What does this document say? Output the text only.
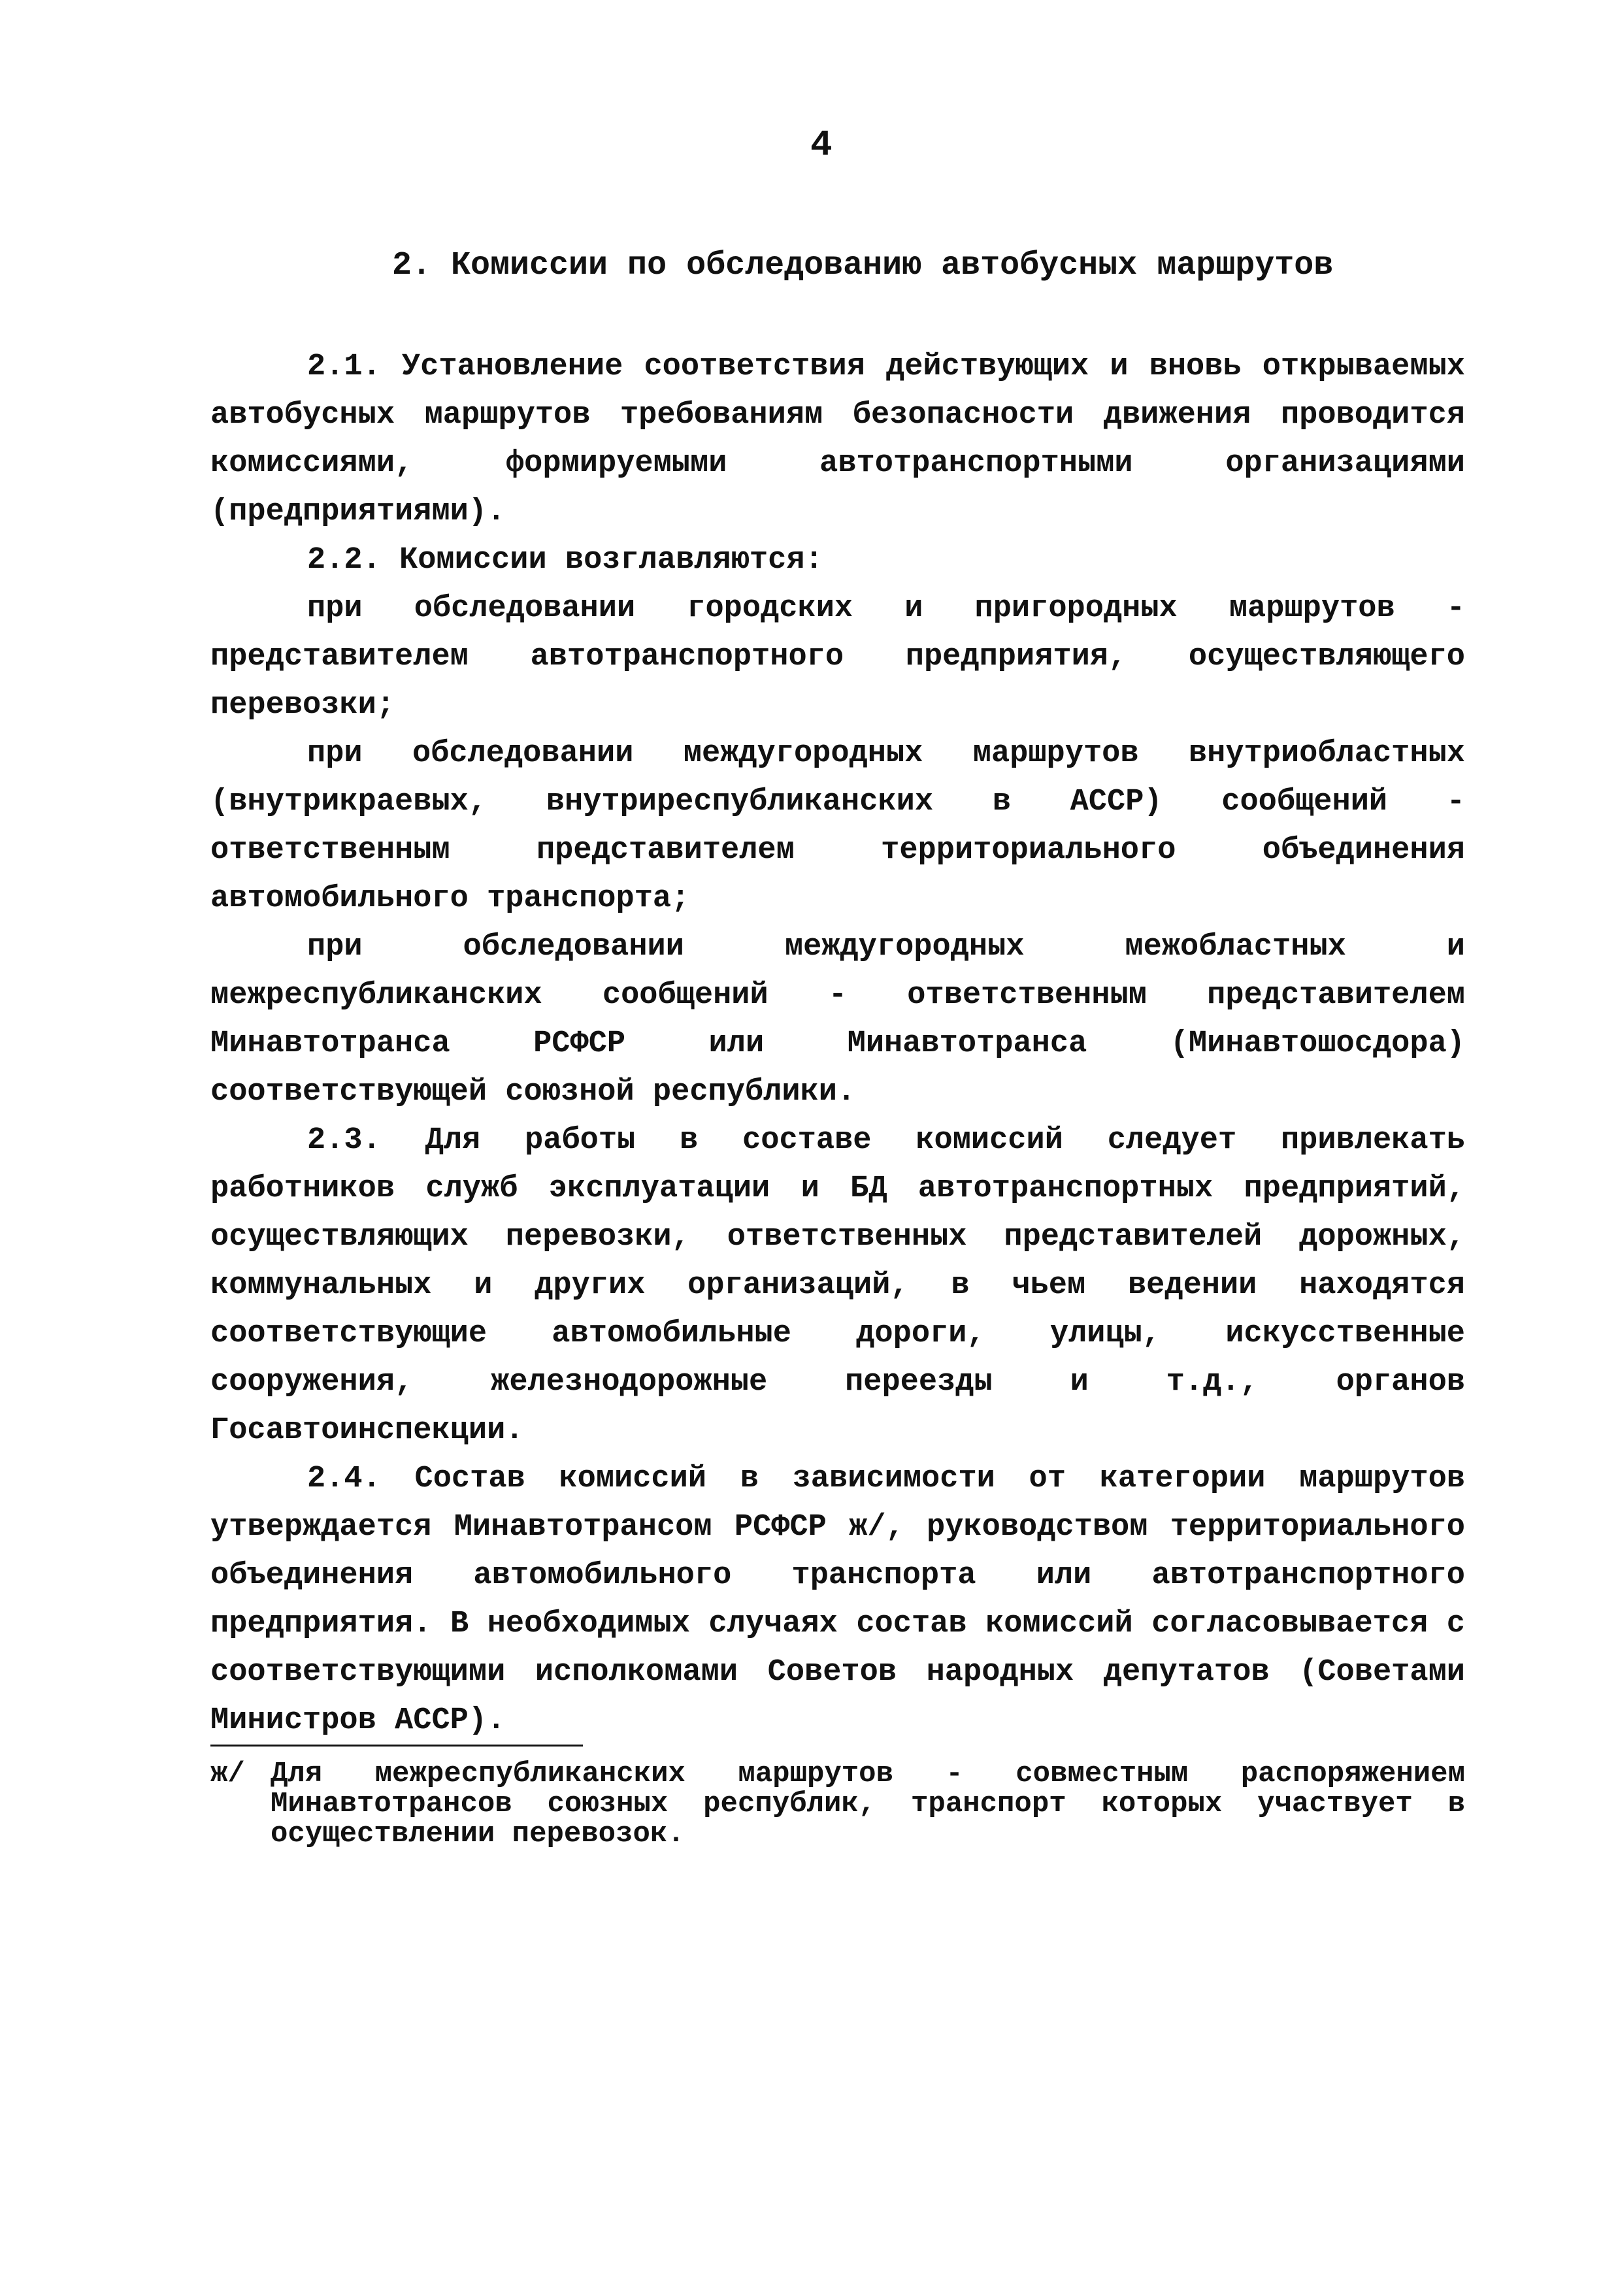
4
2. Комиссии по обследованию автобусных маршрутов

2.1. Установление соответствия действующих и вновь открываемых автобусных маршрутов требованиям безопасности движения проводится комиссиями, формируемыми автотранспортными организациями (предприятиями).

2.2. Комиссии возглавляются:

при обследовании городских и пригородных маршрутов - представителем автотранспортного предприятия, осуществляющего перевозки;

при обследовании междугородных маршрутов внутриобластных (внутрикраевых, внутриреспубликанских в АССР) сообщений - ответственным представителем территориального объединения автомобильного транспорта;

при обследовании междугородных межобластных и межреспубликанских сообщений - ответственным представителем Минавтотранса РСФСР или Минавтотранса (Минавтошосдора) соответствующей союзной республики.

2.3. Для работы в составе комиссий следует привлекать работников служб эксплуатации и БД автотранспортных предприятий, осуществляющих перевозки, ответственных представителей дорожных, коммунальных и других организаций, в чьем ведении находятся соответствующие автомобильные дороги, улицы, искусственные сооружения, железнодорожные переезды и т.д., органов Госавтоинспекции.

2.4. Состав комиссий в зависимости от категории маршрутов утверждается Минавтотрансом РСФСР ж/, руководством территориального объединения автомобильного транспорта или автотранспортного предприятия. В необходимых случаях состав комиссий согласовывается с соответствующими исполкомами Советов народных депутатов (Советами Министров АССР).

ж/ Для межреспубликанских маршрутов - совместным распоряжением Минавтотрансов союзных республик, транспорт которых участвует в осуществлении перевозок.
